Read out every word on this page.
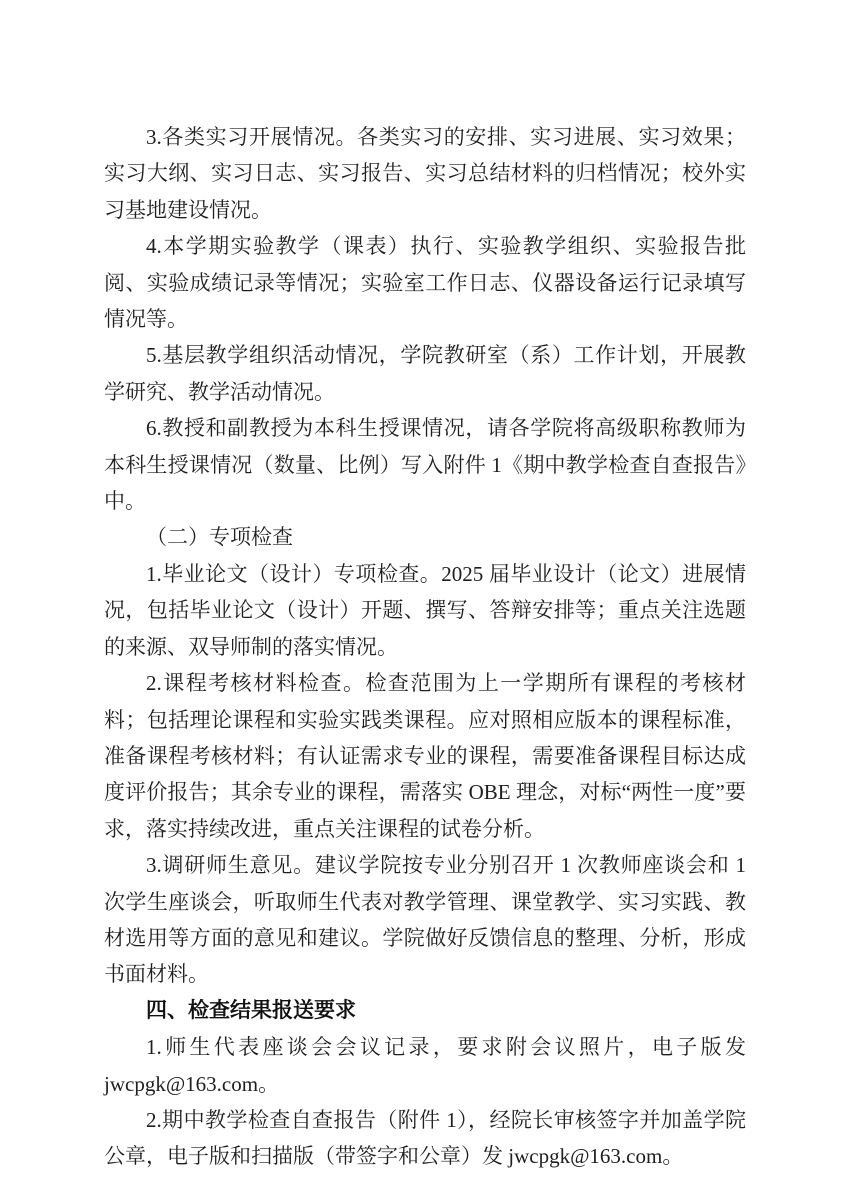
3.各类实习开展情况。各类实习的安排、实习进展、实习效果；实习大纲、实习日志、实习报告、实习总结材料的归档情况；校外实习基地建设情况。

4.本学期实验教学（课表）执行、实验教学组织、实验报告批阅、实验成绩记录等情况；实验室工作日志、仪器设备运行记录填写情况等。

5.基层教学组织活动情况，学院教研室（系）工作计划，开展教学研究、教学活动情况。

6.教授和副教授为本科生授课情况，请各学院将高级职称教师为本科生授课情况（数量、比例）写入附件 1《期中教学检查自查报告》中。

（二）专项检查

1.毕业论文（设计）专项检查。2025 届毕业设计（论文）进展情况，包括毕业论文（设计）开题、撰写、答辩安排等；重点关注选题的来源、双导师制的落实情况。

2.课程考核材料检查。检查范围为上一学期所有课程的考核材料；包括理论课程和实验实践类课程。应对照相应版本的课程标准，准备课程考核材料；有认证需求专业的课程，需要准备课程目标达成度评价报告；其余专业的课程，需落实 OBE 理念，对标“两性一度”要求，落实持续改进，重点关注课程的试卷分析。

3.调研师生意见。建议学院按专业分别召开 1 次教师座谈会和 1 次学生座谈会，听取师生代表对教学管理、课堂教学、实习实践、教材选用等方面的意见和建议。学院做好反馈信息的整理、分析，形成书面材料。

四、检查结果报送要求

1.师生代表座谈会会议记录，要求附会议照片，电子版发 jwcpgk@163.com。

2.期中教学检查自查报告（附件 1），经院长审核签字并加盖学院公章，电子版和扫描版（带签字和公章）发 jwcpgk@163.com。
